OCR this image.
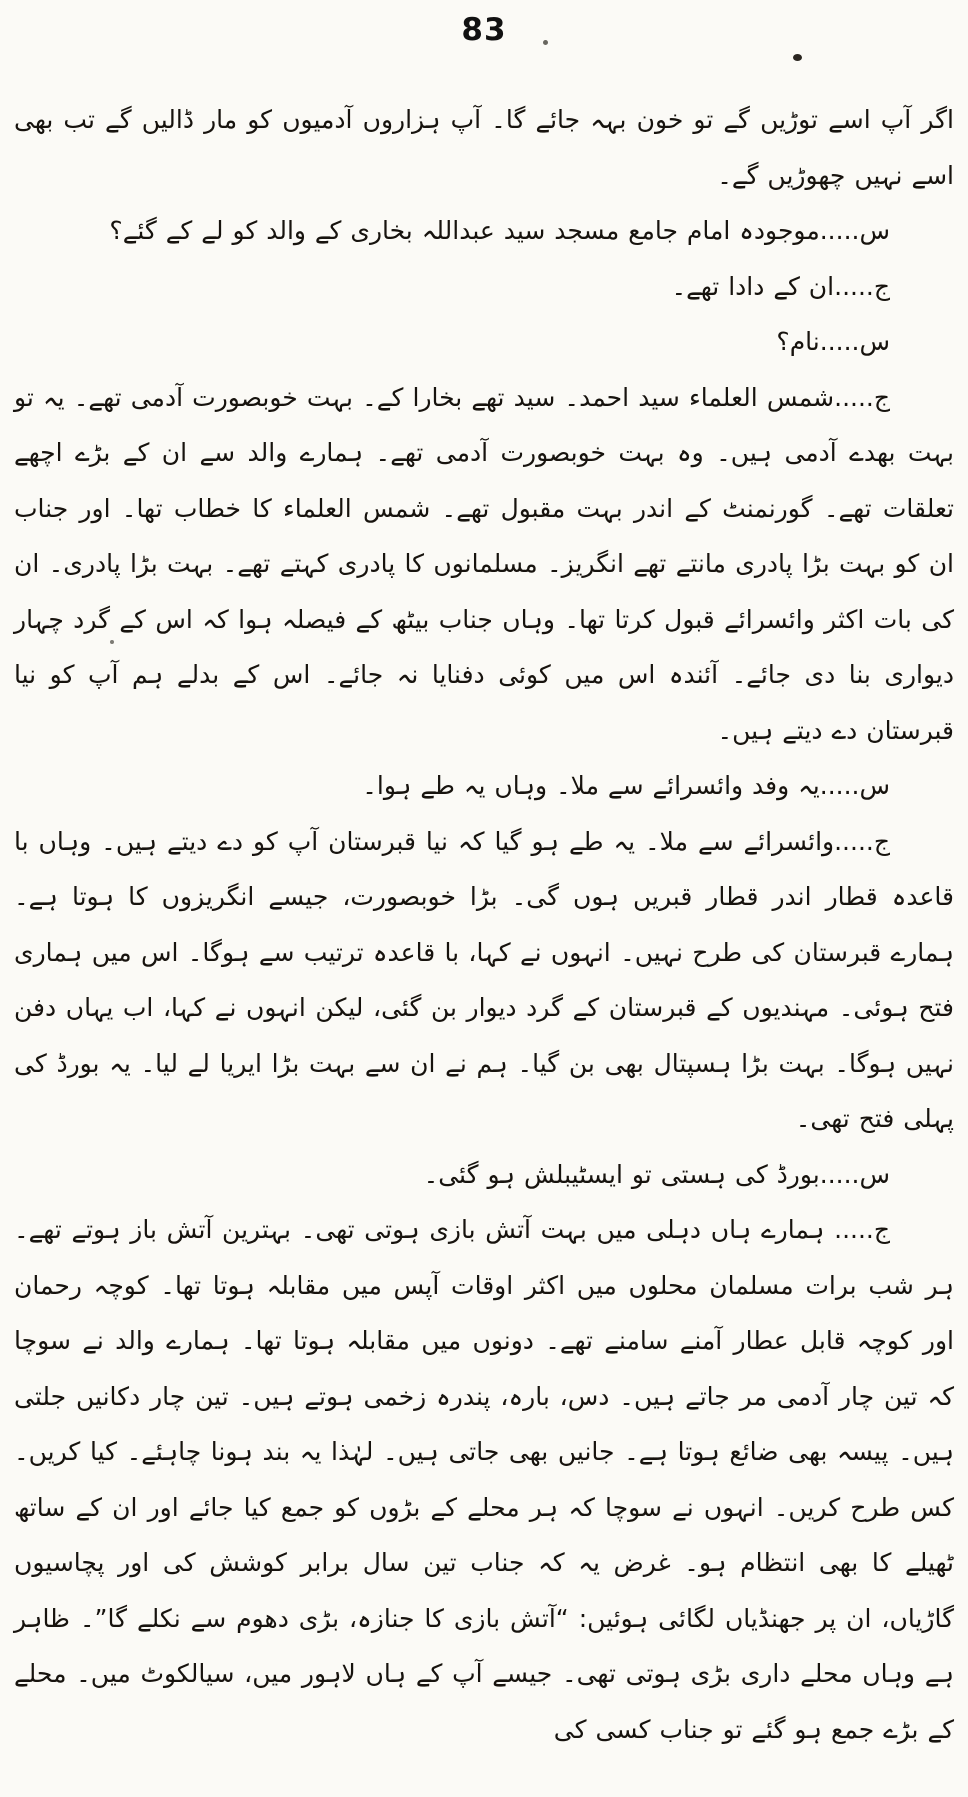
83

اگر آپ اسے توڑیں گے تو خون بہہ جائے گا۔ آپ ہزاروں آدمیوں کو مار ڈالیں گے تب بھی اسے نہیں چھوڑیں گے۔

س.....موجودہ امام جامع مسجد سید عبداللہ بخاری کے والد کو لے کے گئے؟

ج.....ان کے دادا تھے۔

س.....نام؟

ج.....شمس العلماء سید احمد۔ سید تھے بخارا کے۔ بہت خوبصورت آدمی تھے۔ یہ تو بہت بھدے آدمی ہیں۔ وہ بہت خوبصورت آدمی تھے۔ ہمارے والد سے ان کے بڑے اچھے تعلقات تھے۔ گورنمنٹ کے اندر بہت مقبول تھے۔ شمس العلماء کا خطاب تھا۔ اور جناب ان کو بہت بڑا پادری مانتے تھے انگریز۔ مسلمانوں کا پادری کہتے تھے۔ بہت بڑا پادری۔ ان کی بات اکثر وائسرائے قبول کرتا تھا۔ وہاں جناب بیٹھ کے فیصلہ ہوا کہ اس کے گرد چہار دیواری بنا دی جائے۔ آئندہ اس میں کوئی دفنایا نہ جائے۔ اس کے بدلے ہم آپ کو نیا قبرستان دے دیتے ہیں۔

س.....یہ وفد وائسرائے سے ملا۔ وہاں یہ طے ہوا۔

ج.....وائسرائے سے ملا۔ یہ طے ہو گیا کہ نیا قبرستان آپ کو دے دیتے ہیں۔ وہاں با قاعدہ قطار اندر قطار قبریں ہوں گی۔ بڑا خوبصورت، جیسے انگریزوں کا ہوتا ہے۔ ہمارے قبرستان کی طرح نہیں۔ انہوں نے کہا، با قاعدہ ترتیب سے ہوگا۔ اس میں ہماری فتح ہوئی۔ مہندیوں کے قبرستان کے گرد دیوار بن گئی، لیکن انہوں نے کہا، اب یہاں دفن نہیں ہوگا۔ بہت بڑا ہسپتال بھی بن گیا۔ ہم نے ان سے بہت بڑا ایریا لے لیا۔ یہ بورڈ کی پہلی فتح تھی۔

س.....بورڈ کی ہستی تو ایسٹیبلش ہو گئی۔

ج..... ہمارے ہاں دہلی میں بہت آتش بازی ہوتی تھی۔ بہترین آتش باز ہوتے تھے۔ ہر شب برات مسلمان محلوں میں اکثر اوقات آپس میں مقابلہ ہوتا تھا۔ کوچہ رحمان اور کوچہ قابل عطار آمنے سامنے تھے۔ دونوں میں مقابلہ ہوتا تھا۔ ہمارے والد نے سوچا کہ تین چار آدمی مر جاتے ہیں۔ دس، بارہ، پندرہ زخمی ہوتے ہیں۔ تین چار دکانیں جلتی ہیں۔ پیسہ بھی ضائع ہوتا ہے۔ جانیں بھی جاتی ہیں۔ لہٰذا یہ بند ہونا چاہئے۔ کیا کریں۔ کس طرح کریں۔ انہوں نے سوچا کہ ہر محلے کے بڑوں کو جمع کیا جائے اور ان کے ساتھ ٹھیلے کا بھی انتظام ہو۔ غرض یہ کہ جناب تین سال برابر کوشش کی اور پچاسیوں گاڑیاں، ان پر جھنڈیاں لگائی ہوئیں: “آتش بازی کا جنازہ، بڑی دھوم سے نکلے گا”۔ ظاہر ہے وہاں محلے داری بڑی ہوتی تھی۔ جیسے آپ کے ہاں لاہور میں، سیالکوٹ میں۔ محلے کے بڑے جمع ہو گئے تو جناب کسی کی
